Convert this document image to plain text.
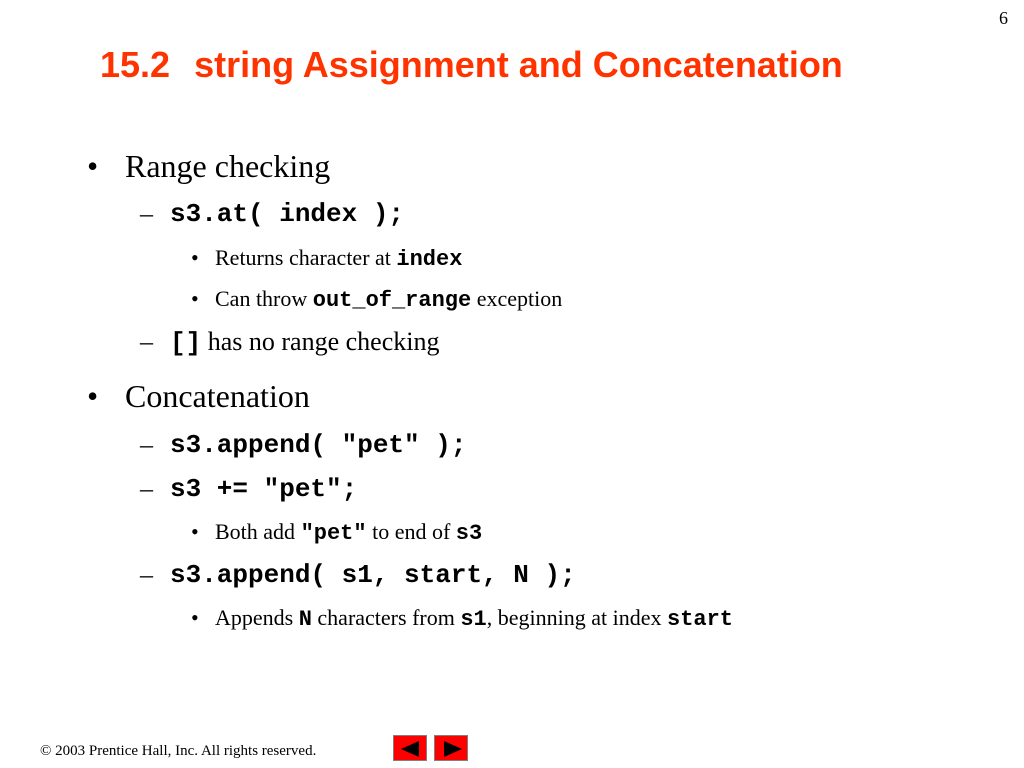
6
15.2 string Assignment and Concatenation
• Range checking
– s3.at( index );
• Returns character at index
• Can throw out_of_range exception
– [] has no range checking
• Concatenation
– s3.append( "pet" );
– s3 += "pet";
• Both add "pet" to end of s3
– s3.append( s1, start, N );
• Appends N characters from s1 , beginning at index start
© 2003 Prentice Hall, Inc. All rights reserved.
